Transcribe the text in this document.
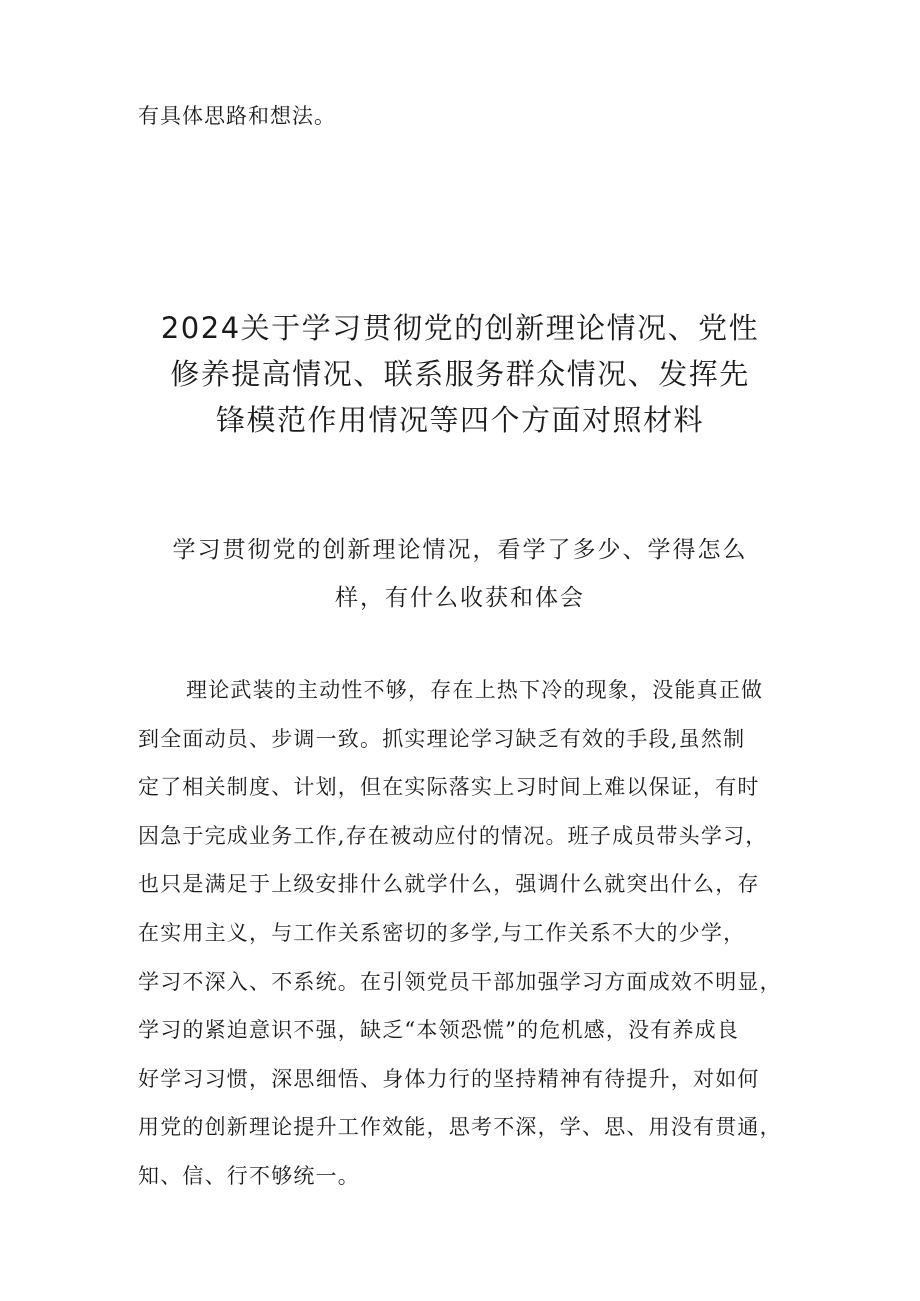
有具体思路和想法。

2024关于学习贯彻党的创新理论情况、党性
修养提高情况、联系服务群众情况、发挥先
锋模范作用情况等四个方面对照材料
学习贯彻党的创新理论情况，看学了多少、学得怎么
样，有什么收获和体会
理论武装的主动性不够，存在上热下冷的现象，没能真正做
到全面动员、步调一致。抓实理论学习缺乏有效的手段,虽然制
定了相关制度、计划，但在实际落实上习时间上难以保证，有时
因急于完成业务工作,存在被动应付的情况。班子成员带头学习，
也只是满足于上级安排什么就学什么，强调什么就突出什么，存
在实用主义，与工作关系密切的多学,与工作关系不大的少学，
学习不深入、不系统。在引领党员干部加强学习方面成效不明显，
学习的紧迫意识不强，缺乏“本领恐慌”的危机感，没有养成良
好学习习惯，深思细悟、身体力行的坚持精神有待提升，对如何
用党的创新理论提升工作效能，思考不深，学、思、用没有贯通，
知、信、行不够统一。
